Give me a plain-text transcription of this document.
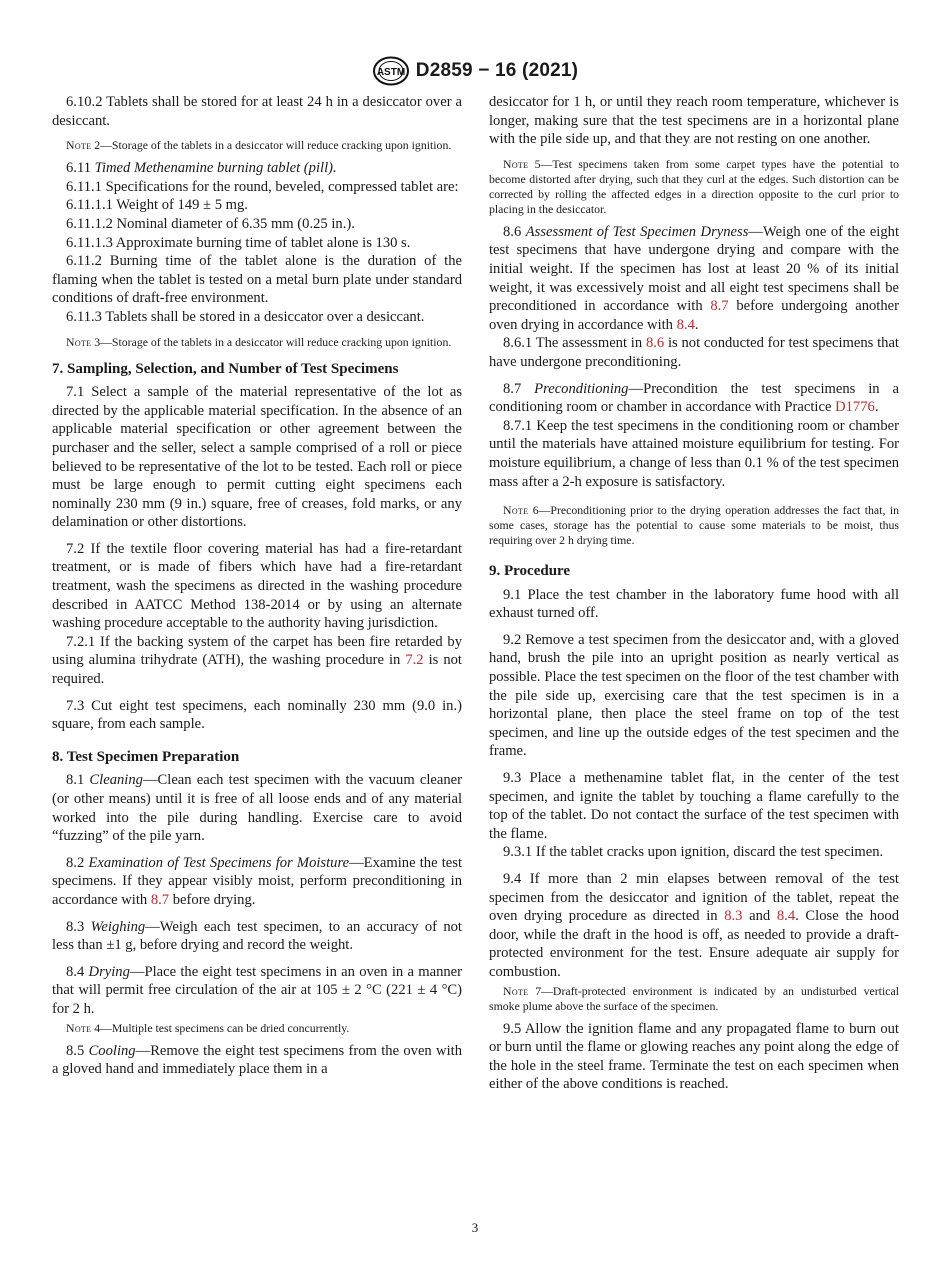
ASTM D2859 − 16 (2021)
6.10.2 Tablets shall be stored for at least 24 h in a desiccator over a desiccant.
Note 2—Storage of the tablets in a desiccator will reduce cracking upon ignition.
6.11 Timed Methenamine burning tablet (pill).
6.11.1 Specifications for the round, beveled, compressed tablet are:
6.11.1.1 Weight of 149 ± 5 mg.
6.11.1.2 Nominal diameter of 6.35 mm (0.25 in.).
6.11.1.3 Approximate burning time of tablet alone is 130 s.
6.11.2 Burning time of the tablet alone is the duration of the flaming when the tablet is tested on a metal burn plate under standard conditions of draft-free environment.
6.11.3 Tablets shall be stored in a desiccator over a desiccant.
Note 3—Storage of the tablets in a desiccator will reduce cracking upon ignition.
7. Sampling, Selection, and Number of Test Specimens
7.1 Select a sample of the material representative of the lot as directed by the applicable material specification. In the absence of an applicable material specification or other agreement between the purchaser and the seller, select a sample comprised of a roll or piece believed to be representative of the lot to be tested. Each roll or piece must be large enough to permit cutting eight specimens each nominally 230 mm (9 in.) square, free of creases, fold marks, or any delamination or other distortions.
7.2 If the textile floor covering material has had a fire-retardant treatment, or is made of fibers which have had a fire-retardant treatment, wash the specimens as directed in the washing procedure described in AATCC Method 138-2014 or by using an alternate washing procedure acceptable to the authority having jurisdiction.
7.2.1 If the backing system of the carpet has been fire retarded by using alumina trihydrate (ATH), the washing procedure in 7.2 is not required.
7.3 Cut eight test specimens, each nominally 230 mm (9.0 in.) square, from each sample.
8. Test Specimen Preparation
8.1 Cleaning—Clean each test specimen with the vacuum cleaner (or other means) until it is free of all loose ends and of any material worked into the pile during handling. Exercise care to avoid “fuzzing” of the pile yarn.
8.2 Examination of Test Specimens for Moisture—Examine the test specimens. If they appear visibly moist, perform preconditioning in accordance with 8.7 before drying.
8.3 Weighing—Weigh each test specimen, to an accuracy of not less than ±1 g, before drying and record the weight.
8.4 Drying—Place the eight test specimens in an oven in a manner that will permit free circulation of the air at 105 ± 2 °C (221 ± 4 °C) for 2 h.
Note 4—Multiple test specimens can be dried concurrently.
8.5 Cooling—Remove the eight test specimens from the oven with a gloved hand and immediately place them in a
desiccator for 1 h, or until they reach room temperature, whichever is longer, making sure that the test specimens are in a horizontal plane with the pile side up, and that they are not resting on one another.
Note 5—Test specimens taken from some carpet types have the potential to become distorted after drying, such that they curl at the edges. Such distortion can be corrected by rolling the affected edges in a direction opposite to the curl prior to placing in the desiccator.
8.6 Assessment of Test Specimen Dryness—Weigh one of the eight test specimens that have undergone drying and compare with the initial weight. If the specimen has lost at least 20 % of its initial weight, it was excessively moist and all eight test specimens shall be preconditioned in accordance with 8.7 before undergoing another oven drying in accordance with 8.4.
8.6.1 The assessment in 8.6 is not conducted for test specimens that have undergone preconditioning.
8.7 Preconditioning—Precondition the test specimens in a conditioning room or chamber in accordance with Practice D1776.
8.7.1 Keep the test specimens in the conditioning room or chamber until the materials have attained moisture equilibrium for testing. For moisture equilibrium, a change of less than 0.1 % of the test specimen mass after a 2-h exposure is satisfactory.
Note 6—Preconditioning prior to the drying operation addresses the fact that, in some cases, storage has the potential to cause some materials to be moist, thus requiring over 2 h drying time.
9. Procedure
9.1 Place the test chamber in the laboratory fume hood with all exhaust turned off.
9.2 Remove a test specimen from the desiccator and, with a gloved hand, brush the pile into an upright position as nearly vertical as possible. Place the test specimen on the floor of the test chamber with the pile side up, exercising care that the test specimen is in a horizontal plane, then place the steel frame on top of the test specimen, and line up the outside edges of the test specimen and the frame.
9.3 Place a methenamine tablet flat, in the center of the test specimen, and ignite the tablet by touching a flame carefully to the top of the tablet. Do not contact the surface of the test specimen with the flame.
9.3.1 If the tablet cracks upon ignition, discard the test specimen.
9.4 If more than 2 min elapses between removal of the test specimen from the desiccator and ignition of the tablet, repeat the oven drying procedure as directed in 8.3 and 8.4. Close the hood door, while the draft in the hood is off, as needed to provide a draft-protected environment for the test. Ensure adequate air supply for combustion.
Note 7—Draft-protected environment is indicated by an undisturbed vertical smoke plume above the surface of the specimen.
9.5 Allow the ignition flame and any propagated flame to burn out or burn until the flame or glowing reaches any point along the edge of the hole in the steel frame. Terminate the test on each specimen when either of the above conditions is reached.
3
